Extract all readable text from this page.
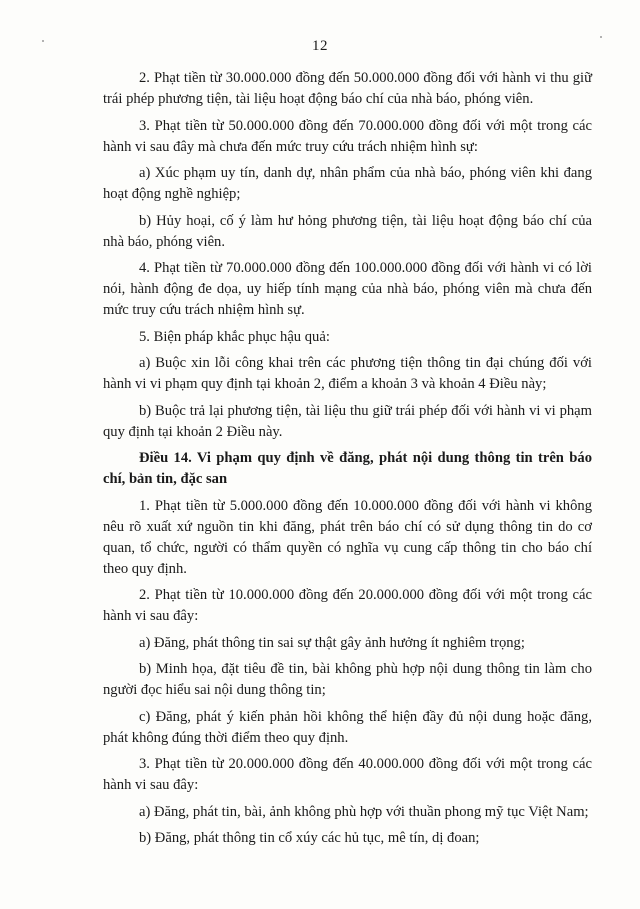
12

2. Phạt tiền từ 30.000.000 đồng đến 50.000.000 đồng đối với hành vi thu giữ trái phép phương tiện, tài liệu hoạt động báo chí của nhà báo, phóng viên.

3. Phạt tiền từ 50.000.000 đồng đến 70.000.000 đồng đối với một trong các hành vi sau đây mà chưa đến mức truy cứu trách nhiệm hình sự:

a) Xúc phạm uy tín, danh dự, nhân phẩm của nhà báo, phóng viên khi đang hoạt động nghề nghiệp;

b) Hủy hoại, cố ý làm hư hỏng phương tiện, tài liệu hoạt động báo chí của nhà báo, phóng viên.

4. Phạt tiền từ 70.000.000 đồng đến 100.000.000 đồng đối với hành vi có lời nói, hành động đe dọa, uy hiếp tính mạng của nhà báo, phóng viên mà chưa đến mức truy cứu trách nhiệm hình sự.

5. Biện pháp khắc phục hậu quả:

a) Buộc xin lỗi công khai trên các phương tiện thông tin đại chúng đối với hành vi vi phạm quy định tại khoản 2, điểm a khoản 3 và khoản 4 Điều này;

b) Buộc trả lại phương tiện, tài liệu thu giữ trái phép đối với hành vi vi phạm quy định tại khoản 2 Điều này.

Điều 14. Vi phạm quy định về đăng, phát nội dung thông tin trên báo chí, bản tin, đặc san

1. Phạt tiền từ 5.000.000 đồng đến 10.000.000 đồng đối với hành vi không nêu rõ xuất xứ nguồn tin khi đăng, phát trên báo chí có sử dụng thông tin do cơ quan, tổ chức, người có thẩm quyền có nghĩa vụ cung cấp thông tin cho báo chí theo quy định.

2. Phạt tiền từ 10.000.000 đồng đến 20.000.000 đồng đối với một trong các hành vi sau đây:

a) Đăng, phát thông tin sai sự thật gây ảnh hưởng ít nghiêm trọng;

b) Minh họa, đặt tiêu đề tin, bài không phù hợp nội dung thông tin làm cho người đọc hiểu sai nội dung thông tin;

c) Đăng, phát ý kiến phản hồi không thể hiện đầy đủ nội dung hoặc đăng, phát không đúng thời điểm theo quy định.

3. Phạt tiền từ 20.000.000 đồng đến 40.000.000 đồng đối với một trong các hành vi sau đây:

a) Đăng, phát tin, bài, ảnh không phù hợp với thuần phong mỹ tục Việt Nam;

b) Đăng, phát thông tin cổ xúy các hủ tục, mê tín, dị đoan;
